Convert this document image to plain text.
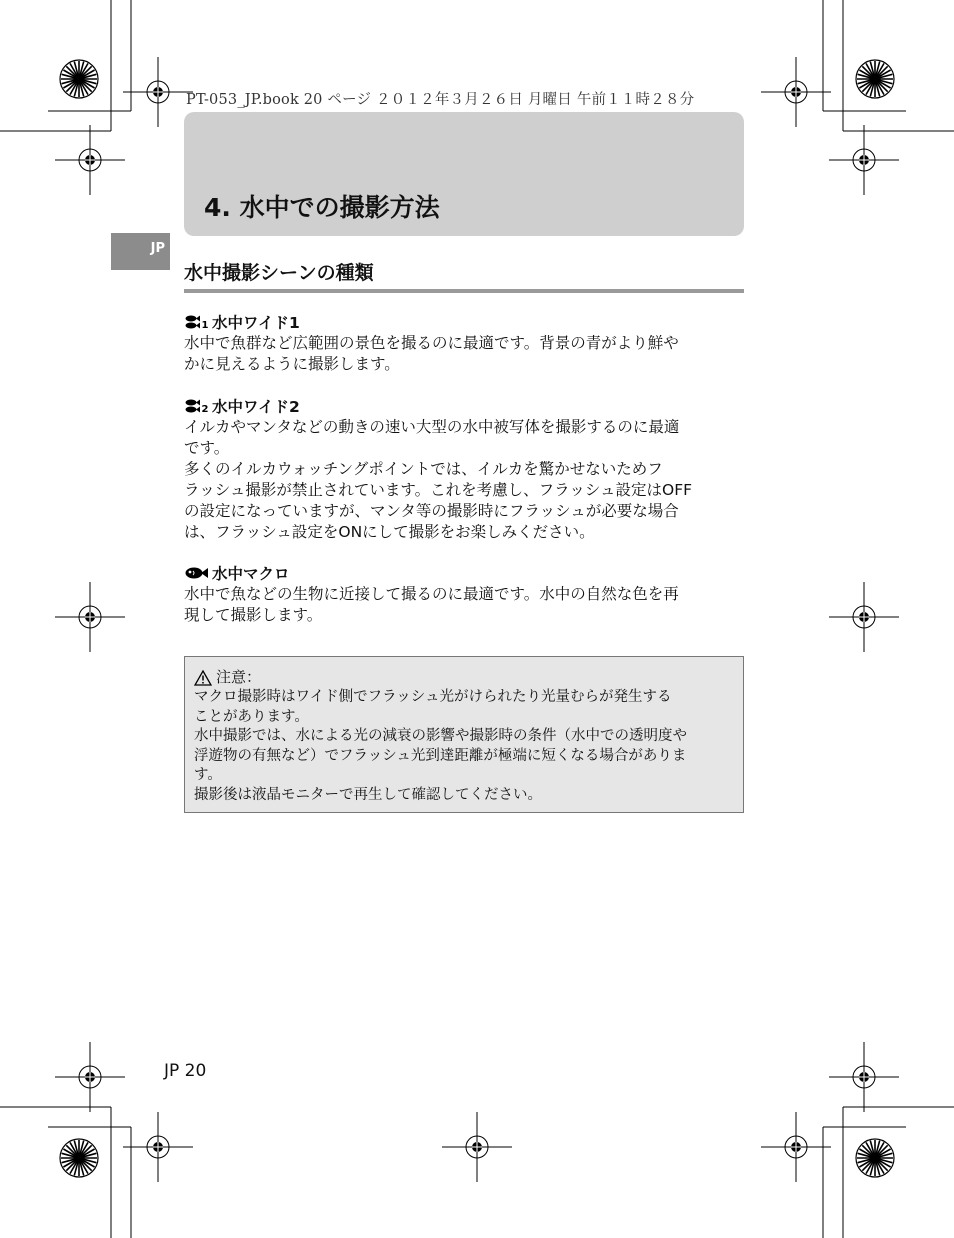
PT-053_JP.book 20 ページ ２０１２年３月２６日 月曜日 午前１１時２８分
JP
4. 水中での撮影方法
水中撮影シーンの種類
1 水中ワイド1

水中で魚群など広範囲の景色を撮るのに最適です。背景の青がより鮮や

かに見えるように撮影します。

2 水中ワイド2

イルカやマンタなどの動きの速い大型の水中被写体を撮影するのに最適

です。

多くのイルカウォッチングポイントでは、イルカを驚かせないためフ

ラッシュ撮影が禁止されています。これを考慮し、フラッシュ設定はOFF

の設定になっていますが、マンタ等の撮影時にフラッシュが必要な場合

は、フラッシュ設定をONにして撮影をお楽しみください。

水中マクロ

水中で魚などの生物に近接して撮るのに最適です。水中の自然な色を再

現して撮影します。

注意：

マクロ撮影時はワイド側でフラッシュ光がけられたり光量むらが発生する

ことがあります。

水中撮影では、水による光の減衰の影響や撮影時の条件（水中での透明度や

浮遊物の有無など）でフラッシュ光到達距離が極端に短くなる場合がありま

す。

撮影後は液晶モニターで再生して確認してください。

JP 20
